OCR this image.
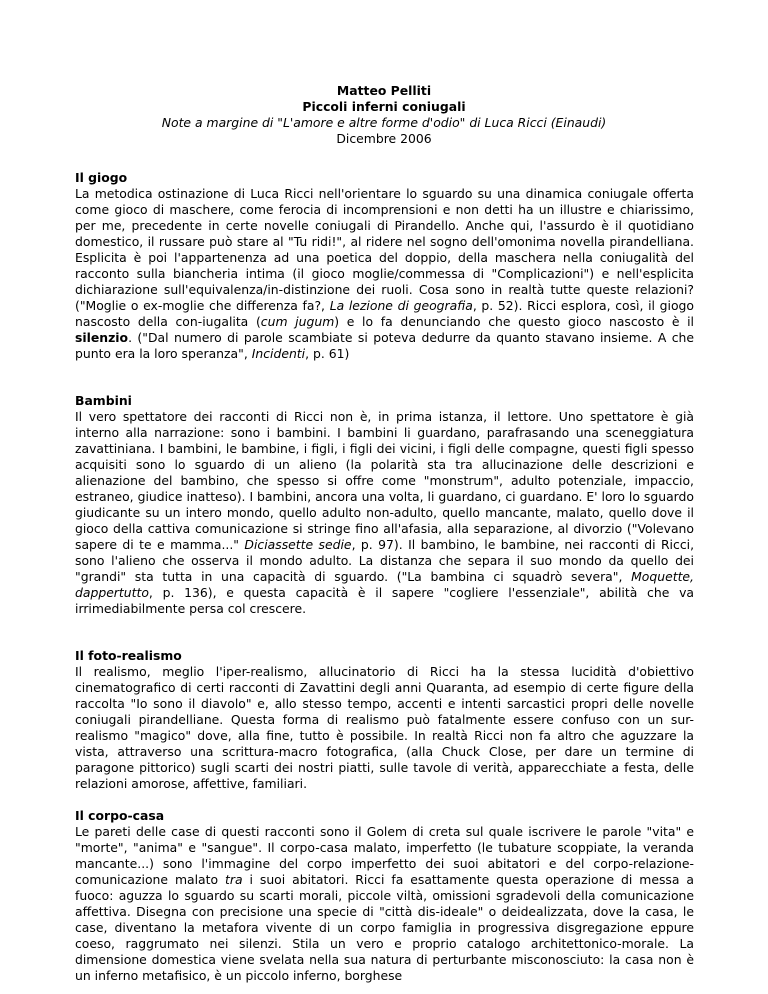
Matteo Pelliti
Piccoli inferni coniugali
Note a margine di "L'amore e altre forme d'odio" di Luca Ricci (Einaudi)
Dicembre 2006
Il giogo

La metodica ostinazione di Luca Ricci nell'orientare lo sguardo su una dinamica coniugale offerta come gioco di maschere, come ferocia di incomprensioni e non detti ha un illustre e chiarissimo, per me, precedente in certe novelle coniugali di Pirandello. Anche qui, l'assurdo è il quotidiano domestico, il russare può stare al "Tu ridi!", al ridere nel sogno dell'omonima novella pirandelliana. Esplicita è poi l'appartenenza ad una poetica del doppio, della maschera nella coniugalità del racconto sulla biancheria intima (il gioco moglie/commessa di "Complicazioni") e nell'esplicita dichiarazione sull'equivalenza/in-distinzione dei ruoli. Cosa sono in realtà tutte queste relazioni? ("Moglie o ex-moglie che differenza fa?, La lezione di geografia, p. 52). Ricci esplora, così, il giogo nascosto della con-iugalita (cum jugum) e lo fa denunciando che questo gioco nascosto è il silenzio. ("Dal numero di parole scambiate si poteva dedurre da quanto stavano insieme. A che punto era la loro speranza", Incidenti, p. 61)

Bambini

Il vero spettatore dei racconti di Ricci non è, in prima istanza, il lettore. Uno spettatore è già interno alla narrazione: sono i bambini. I bambini li guardano, parafrasando una sceneggiatura zavattiniana. I bambini, le bambine, i figli, i figli dei vicini, i figli delle compagne, questi figli spesso acquisiti sono lo sguardo di un alieno (la polarità sta tra allucinazione delle descrizioni e alienazione del bambino, che spesso si offre come "monstrum", adulto potenziale, impaccio, estraneo, giudice inatteso). I bambini, ancora una volta, li guardano, ci guardano. E' loro lo sguardo giudicante su un intero mondo, quello adulto non-adulto, quello mancante, malato, quello dove il gioco della cattiva comunicazione si stringe fino all'afasia, alla separazione, al divorzio ("Volevano sapere di te e mamma..." Diciassette sedie, p. 97). Il bambino, le bambine, nei racconti di Ricci, sono l'alieno che osserva il mondo adulto. La distanza che separa il suo mondo da quello dei "grandi" sta tutta in una capacità di sguardo. ("La bambina ci squadrò severa", Moquette, dappertutto, p. 136), e questa capacità è il sapere "cogliere l'essenziale", abilità che va irrimediabilmente persa col crescere.

Il foto-realismo

Il realismo, meglio l'iper-realismo, allucinatorio di Ricci ha la stessa lucidità d'obiettivo cinematografico di certi racconti di Zavattini degli anni Quaranta, ad esempio di certe figure della raccolta "Io sono il diavolo" e, allo stesso tempo, accenti e intenti sarcastici propri delle novelle coniugali pirandelliane. Questa forma di realismo può fatalmente essere confuso con un sur-realismo "magico" dove, alla fine, tutto è possibile. In realtà Ricci non fa altro che aguzzare la vista, attraverso una scrittura-macro fotografica, (alla Chuck Close, per dare un termine di paragone pittorico) sugli scarti dei nostri piatti, sulle tavole di verità, apparecchiate a festa, delle relazioni amorose, affettive, familiari.

Il corpo-casa

Le pareti delle case di questi racconti sono il Golem di creta sul quale iscrivere le parole "vita" e "morte", "anima" e "sangue". Il corpo-casa malato, imperfetto (le tubature scoppiate, la veranda mancante...) sono l'immagine del corpo imperfetto dei suoi abitatori e del corpo-relazione-comunicazione malato tra i suoi abitatori. Ricci fa esattamente questa operazione di messa a fuoco: aguzza lo sguardo su scarti morali, piccole viltà, omissioni sgradevoli della comunicazione affettiva. Disegna con precisione una specie di "città dis-ideale" o deidealizzata, dove la casa, le case, diventano la metafora vivente di un corpo famiglia in progressiva disgregazione eppure coeso, raggrumato nei silenzi. Stila un vero e proprio catalogo architettonico-morale. La dimensione domestica viene svelata nella sua natura di perturbante misconosciuto: la casa non è un inferno metafisico, è un piccolo inferno, borghese
